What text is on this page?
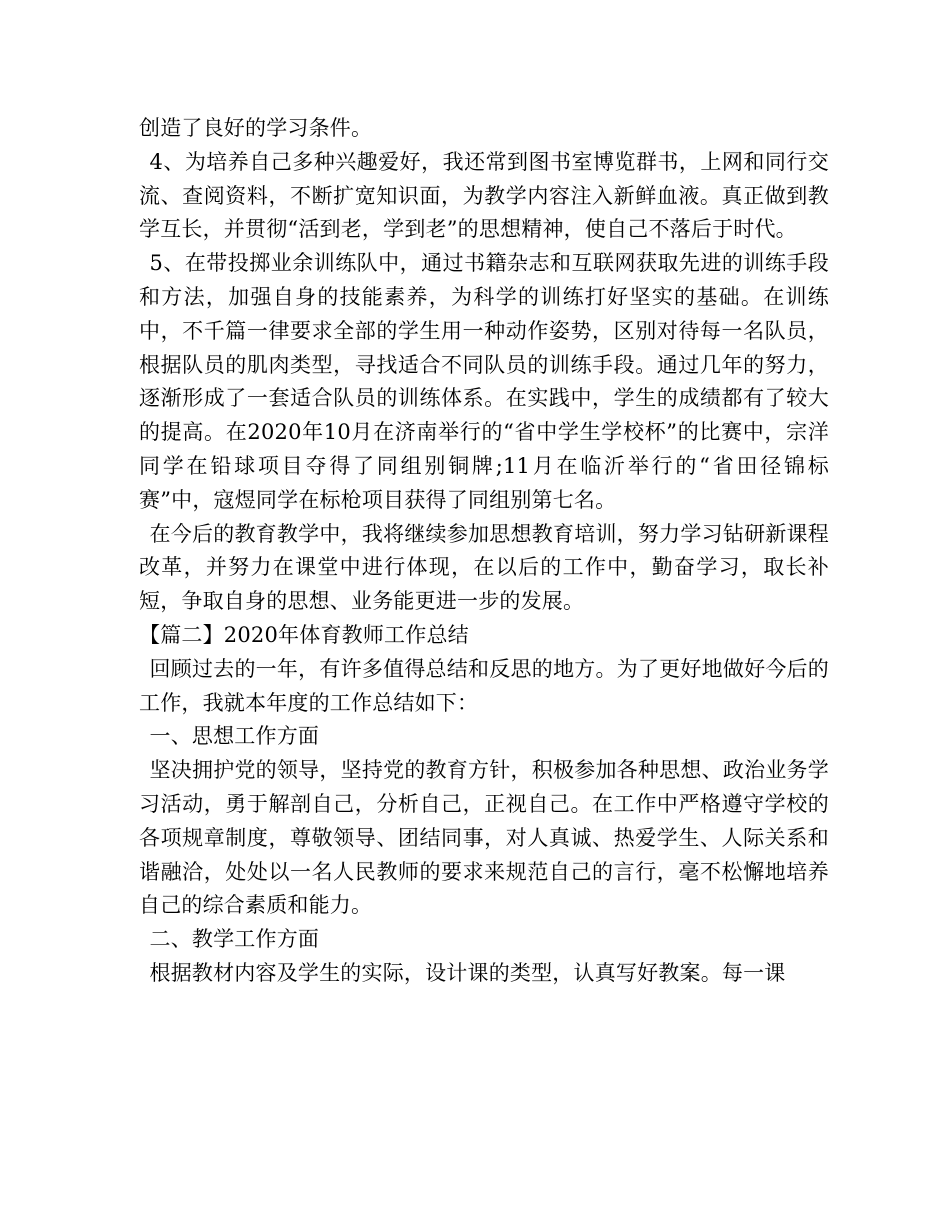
创造了良好的学习条件。

4、为培养自己多种兴趣爱好，我还常到图书室博览群书，上网和同行交流、查阅资料，不断扩宽知识面，为教学内容注入新鲜血液。真正做到教学互长，并贯彻“活到老，学到老”的思想精神，使自己不落后于时代。

5、在带投掷业余训练队中，通过书籍杂志和互联网获取先进的训练手段和方法，加强自身的技能素养，为科学的训练打好坚实的基础。在训练中，不千篇一律要求全部的学生用一种动作姿势，区别对待每一名队员，根据队员的肌肉类型，寻找适合不同队员的训练手段。通过几年的努力，逐渐形成了一套适合队员的训练体系。在实践中，学生的成绩都有了较大的提高。在2020年10月在济南举行的“省中学生学校杯”的比赛中，宗洋同学在铅球项目夺得了同组别铜牌;11月在临沂举行的“省田径锦标赛”中，寇煜同学在标枪项目获得了同组别第七名。

在今后的教育教学中，我将继续参加思想教育培训，努力学习钻研新课程改革，并努力在课堂中进行体现，在以后的工作中，勤奋学习，取长补短，争取自身的思想、业务能更进一步的发展。

【篇二】2020年体育教师工作总结

回顾过去的一年，有许多值得总结和反思的地方。为了更好地做好今后的工作，我就本年度的工作总结如下：

一、思想工作方面

坚决拥护党的领导，坚持党的教育方针，积极参加各种思想、政治业务学习活动，勇于解剖自己，分析自己，正视自己。在工作中严格遵守学校的各项规章制度，尊敬领导、团结同事，对人真诚、热爱学生、人际关系和谐融洽，处处以一名人民教师的要求来规范自己的言行，毫不松懈地培养自己的综合素质和能力。

二、教学工作方面

根据教材内容及学生的实际，设计课的类型，认真写好教案。每一课
